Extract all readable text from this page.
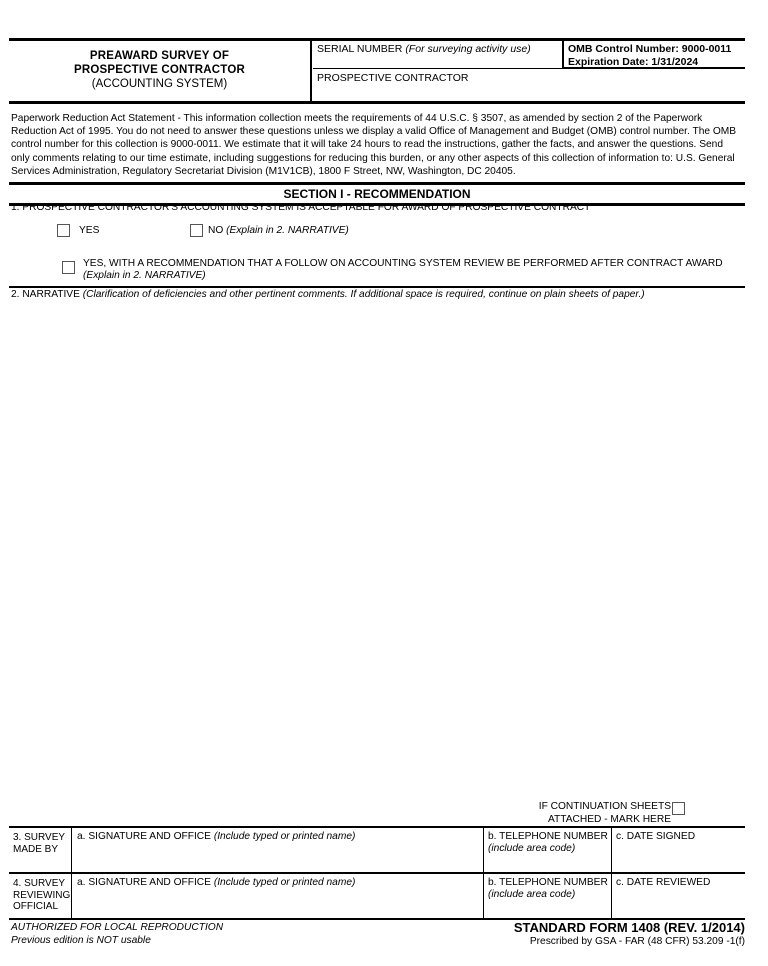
PREAWARD SURVEY OF
PROSPECTIVE CONTRACTOR
(ACCOUNTING SYSTEM)
SERIAL NUMBER (For surveying activity use)	OMB Control Number: 9000-0011
Expiration Date: 1/31/2024
PROSPECTIVE CONTRACTOR
Paperwork Reduction Act Statement - This information collection meets the requirements of 44 U.S.C. § 3507, as amended by section 2 of the Paperwork Reduction Act of 1995. You do not need to answer these questions unless we display a valid Office of Management and Budget (OMB) control number. The OMB control number for this collection is 9000-0011. We estimate that it will take 24 hours to read the instructions, gather the facts, and answer the questions. Send only comments relating to our time estimate, including suggestions for reducing this burden, or any other aspects of this collection of information to: U.S. General Services Administration, Regulatory Secretariat Division (M1V1CB), 1800 F Street, NW, Washington, DC 20405.
SECTION I - RECOMMENDATION
1. PROSPECTIVE CONTRACTOR'S ACCOUNTING SYSTEM IS ACCEPTABLE FOR AWARD OF PROSPECTIVE CONTRACT
YES	NO (Explain in 2. NARRATIVE)
YES, WITH A RECOMMENDATION THAT A FOLLOW ON ACCOUNTING SYSTEM REVIEW BE PERFORMED AFTER CONTRACT AWARD
(Explain in 2. NARRATIVE)
2. NARRATIVE (Clarification of deficiencies and other pertinent comments. If additional space is required, continue on plain sheets of paper.)
IF CONTINUATION SHEETS
ATTACHED - MARK HERE
3. SURVEY
MADE BY
a. SIGNATURE AND OFFICE (Include typed or printed name)	b. TELEPHONE NUMBER
(include area code)
c. DATE SIGNED
4. SURVEY
REVIEWING
OFFICIAL
a. SIGNATURE AND OFFICE (Include typed or printed name)	b. TELEPHONE NUMBER
(include area code)
c. DATE REVIEWED
AUTHORIZED FOR LOCAL REPRODUCTION
Previous edition is NOT usable
STANDARD FORM 1408 (REV. 1/2014)
Prescribed by GSA - FAR (48 CFR) 53.209 -1(f)
